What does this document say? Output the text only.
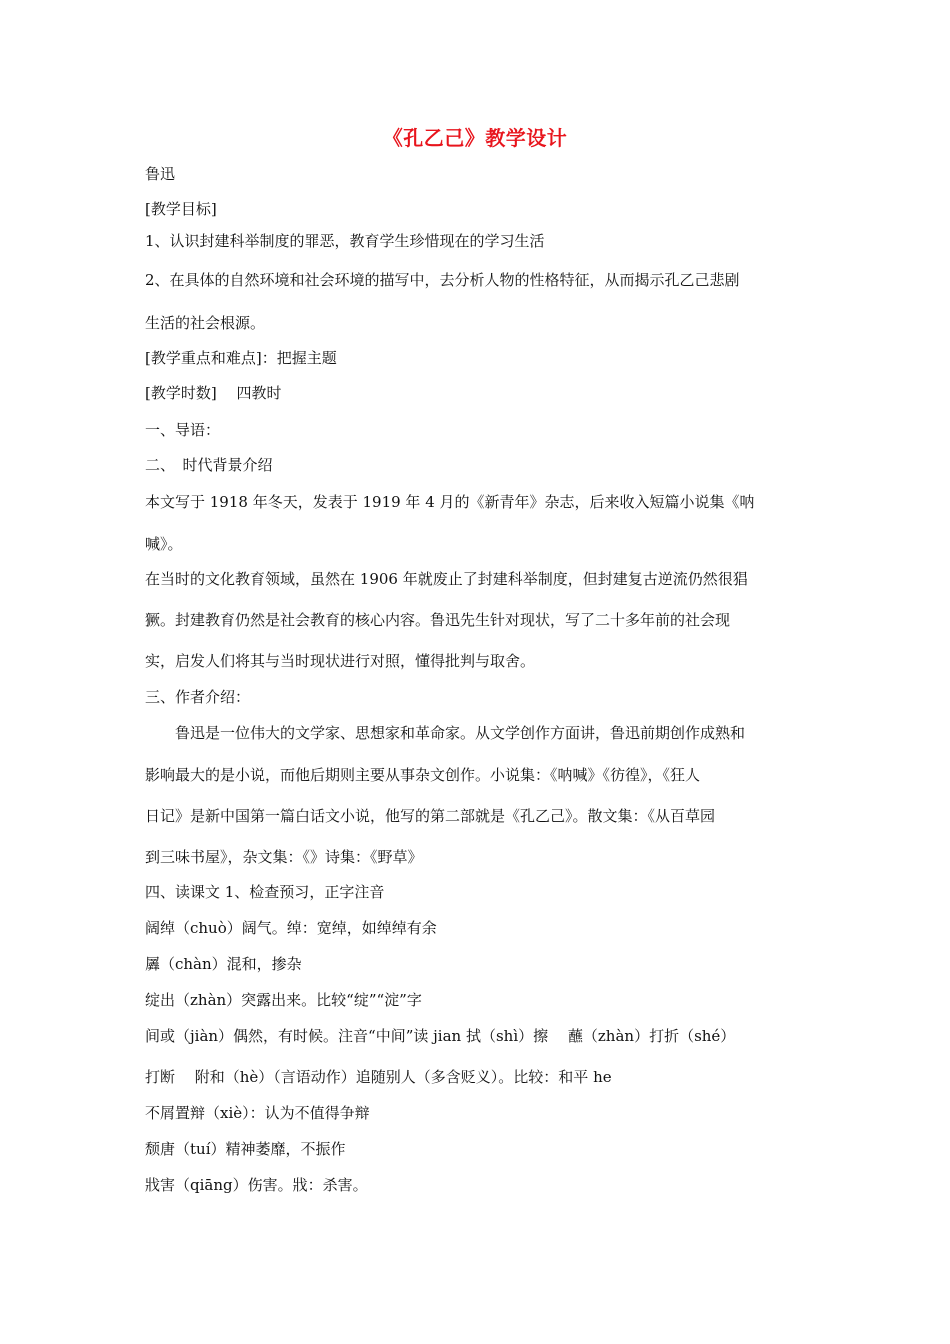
《孔乙己》教学设计
鲁迅
[教学目标]
1、认识封建科举制度的罪恶，教育学生珍惜现在的学习生活
2、在具体的自然环境和社会环境的描写中，去分析人物的性格特征，从而揭示孔乙己悲剧
生活的社会根源。
[教学重点和难点]：把握主题
[教学时数]　 四教时
一、导语：
二、　时代背景介绍
本文写于 1918 年冬天，发表于 1919 年 4 月的《新青年》杂志，后来收入短篇小说集《呐
喊》。
在当时的文化教育领域，虽然在 1906 年就废止了封建科举制度，但封建复古逆流仍然很猖
獗。封建教育仍然是社会教育的核心内容。鲁迅先生针对现状，写了二十多年前的社会现
实，启发人们将其与当时现状进行对照，懂得批判与取舍。
三、作者介绍：
　　鲁迅是一位伟大的文学家、思想家和革命家。从文学创作方面讲，鲁迅前期创作成熟和
影响最大的是小说，而他后期则主要从事杂文创作。小说集：《呐喊》《彷徨》，《狂人
日记》是新中国第一篇白话文小说，他写的第二部就是《孔乙己》。散文集：《从百草园
到三味书屋》，杂文集：《》诗集：《野草》
四、读课文 1、检查预习，正字注音
阔绰（chuò）阔气。绰：宽绰，如绰绰有余
羼（chàn）混和，掺杂
绽出（zhàn）突露出来。比较“绽”“淀”字
间或（jiàn）偶然，有时候。注音“中间”读 jian 拭（shì）擦　 蘸（zhàn）打折（shé）
打断　 附和（hè）（言语动作）追随别人（多含贬义）。比较：和平 he
不屑置辩（xiè）：认为不值得争辩
颓唐（tuí）精神萎靡，不振作
戕害（qiāng）伤害。戕：杀害。
